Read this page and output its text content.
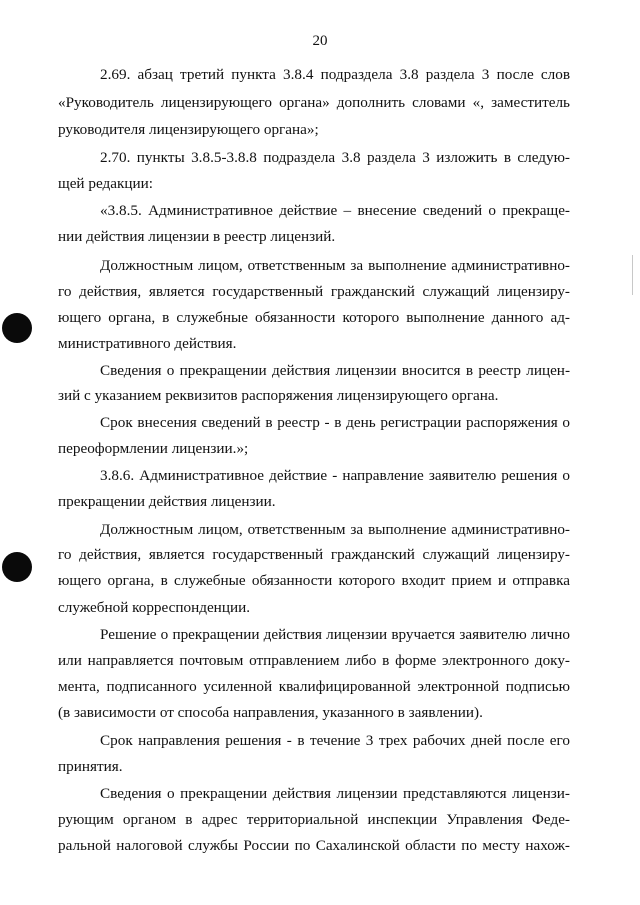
20
2.69. абзац третий пункта 3.8.4 подраздела 3.8 раздела 3 после слов
«Руководитель лицензирующего органа» дополнить словами «, заместитель
руководителя лицензирующего органа»;
2.70. пункты 3.8.5-3.8.8 подраздела 3.8 раздела 3 изложить в следую-
щей редакции:
«3.8.5. Административное действие – внесение сведений о прекраще-
нии действия лицензии в реестр лицензий.
Должностным лицом, ответственным за выполнение административно-
го действия, является государственный гражданский служащий лицензиру-
ющего органа, в служебные обязанности которого выполнение данного ад-
министративного действия.
Сведения о прекращении действия лицензии вносится в реестр лицен-
зий с указанием реквизитов распоряжения лицензирующего органа.
Срок внесения сведений в реестр - в день регистрации распоряжения о
переоформлении лицензии.»;
3.8.6. Административное действие - направление заявителю решения о
прекращении действия лицензии.
Должностным лицом, ответственным за выполнение административно-
го действия, является государственный гражданский служащий лицензиру-
ющего органа, в служебные обязанности которого входит прием и отправка
служебной корреспонденции.
Решение о прекращении действия лицензии вручается заявителю лично
или направляется почтовым отправлением либо в форме электронного доку-
мента, подписанного усиленной квалифицированной электронной подписью
(в зависимости от способа направления, указанного в заявлении).
Срок направления решения - в течение 3 трех рабочих дней после его
принятия.
Сведения о прекращении действия лицензии представляются лицензи-
рующим органом в адрес территориальной инспекции Управления Феде-
ральной налоговой службы России по Сахалинской области по месту нахож-
